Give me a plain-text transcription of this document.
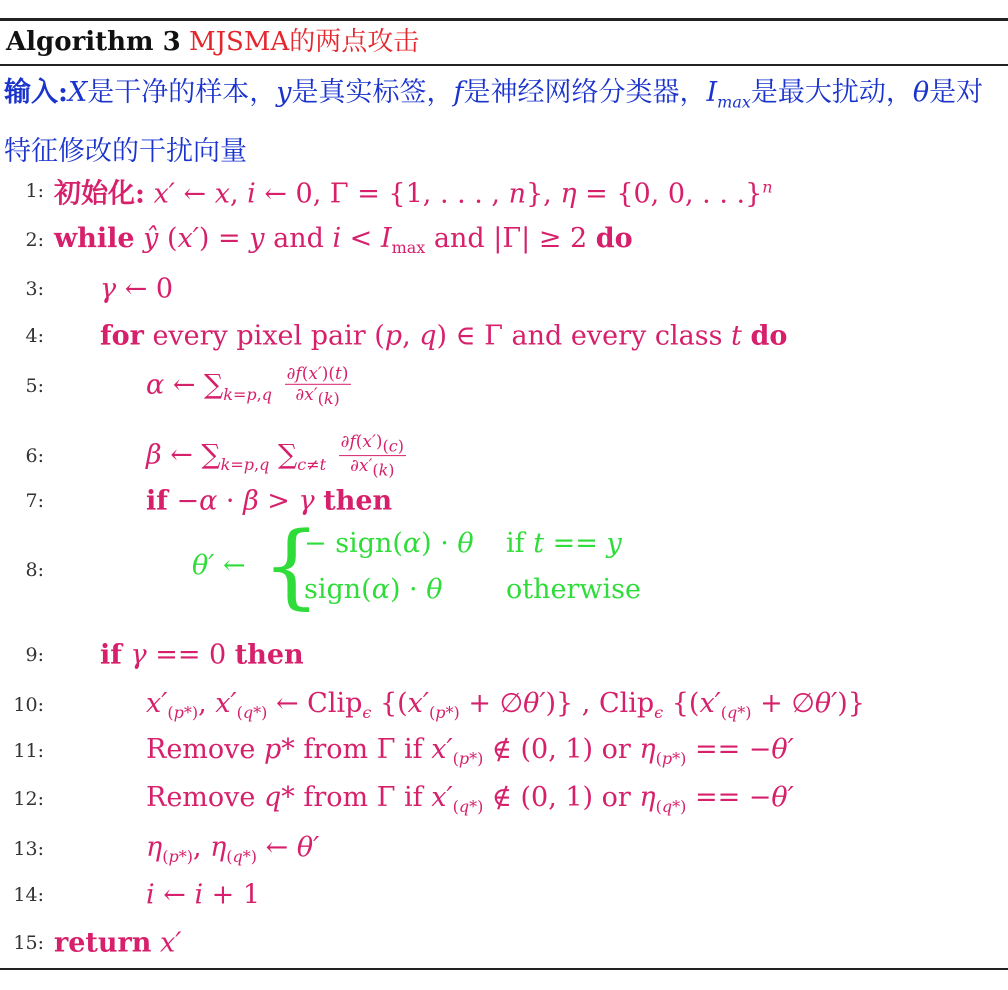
Algorithm 3 MJSMA的两点攻击
输入:X是干净的样本，y是真实标签，f是神经网络分类器，$I_{max}$是最大扰动，θ是对特征修改的干扰向量
1: 初始化: x′ ← x, i ← 0, Γ = {1, . . . , n}, η = {0, 0, . . .}$^n$
2: while ŷ (x′) = y and $i < I_{max}$ and |Γ| ≥ 2 do
3: γ ← 0
4: for every pixel pair (p, q) ∈ Γ and every class t do
5:	α ← $\sum_{k=p,q} \frac{\partial f(x')(t)}{\partial x'_{(k)}}$
6:	β ← $\sum_{k=p,q}$ $\sum_{c\ne t} \frac{\partial f(x')_{(c)}}{\partial x'_{(k)}}$
7:	if −α · β > γ then
8:	θ′ ← {
− sign(α) · θ if t == y
sign(α) · θ otherwise
9: if γ == 0 then
10:	$x'_{(p*)}$, $x'_{(q*)}$ ← Clip$_\epsilon$ {($x'_{(p*)}$ + ∅θ′)} , Clip$_\epsilon$ {($x'_{(q*)}$ + ∅θ′)}
11:	Remove p* from Γ if $x'_{(p*)}$ ∉ (0, 1) or $\eta_{(p*)} == -\theta'$
12:	Remove q* from Γ if $x'_{(q*)}$ ∉ (0, 1) or $\eta_{(q*)} == -\theta'$
13:	$\eta_{(p*)}$, $\eta_{(q*)}$ ← θ′
14:	i ← i + 1
15: return x′
